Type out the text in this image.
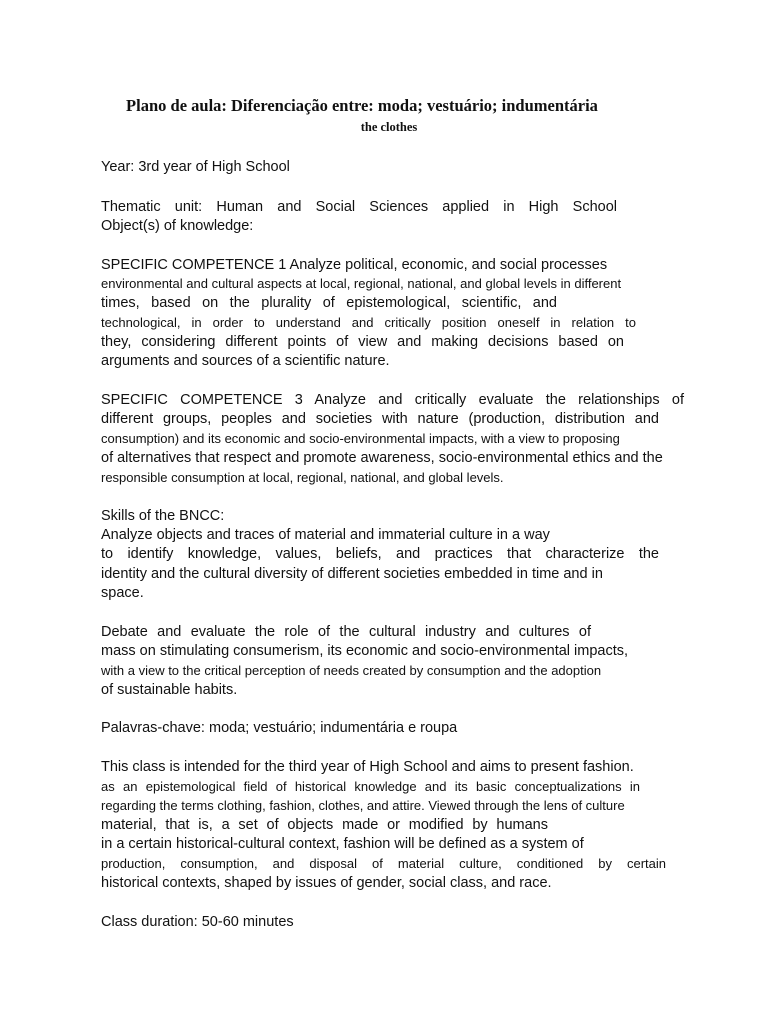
Plano de aula: Diferenciação entre: moda; vestuário; indumentária
the clothes
Year: 3rd year of High School
Thematic unit: Human and Social Sciences applied in High School
Object(s) of knowledge:
SPECIFIC COMPETENCE 1 Analyze political, economic, and social processes
environmental and cultural aspects at local, regional, national, and global levels in different
times, based on the plurality of epistemological, scientific, and
technological, in order to understand and critically position oneself in relation to
they, considering different points of view and making decisions based on
arguments and sources of a scientific nature.
SPECIFIC COMPETENCE 3 Analyze and critically evaluate the relationships of
different groups, peoples and societies with nature (production, distribution and
consumption) and its economic and socio-environmental impacts, with a view to proposing
of alternatives that respect and promote awareness, socio-environmental ethics and the
responsible consumption at local, regional, national, and global levels.
Skills of the BNCC:
Analyze objects and traces of material and immaterial culture in a way
to identify knowledge, values, beliefs, and practices that characterize the
identity and the cultural diversity of different societies embedded in time and in
space.
Debate and evaluate the role of the cultural industry and cultures of
mass on stimulating consumerism, its economic and socio-environmental impacts,
with a view to the critical perception of needs created by consumption and the adoption
of sustainable habits.
Palavras-chave: moda; vestuário; indumentária e roupa
This class is intended for the third year of High School and aims to present fashion.
as an epistemological field of historical knowledge and its basic conceptualizations in
regarding the terms clothing, fashion, clothes, and attire. Viewed through the lens of culture
material, that is, a set of objects made or modified by humans
in a certain historical-cultural context, fashion will be defined as a system of
production, consumption, and disposal of material culture, conditioned by certain
historical contexts, shaped by issues of gender, social class, and race.
Class duration: 50-60 minutes
